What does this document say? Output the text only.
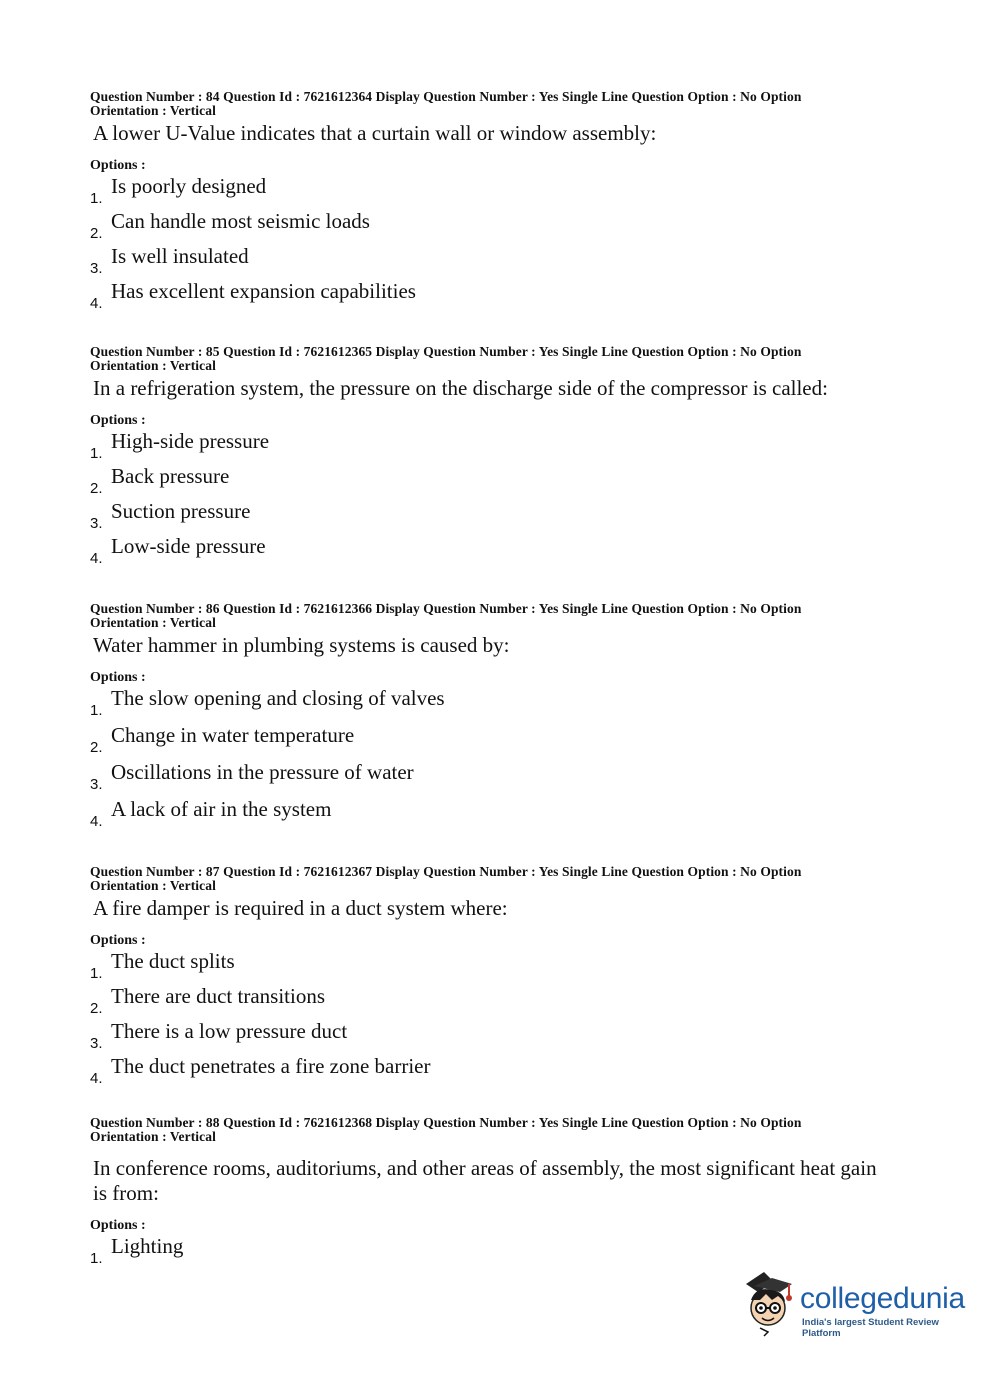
Question Number : 84 Question Id : 7621612364 Display Question Number : Yes Single Line Question Option : No Option
Orientation : Vertical
A lower U-Value indicates that a curtain wall or window assembly:
Options :
1.
Is poorly designed
2.
Can handle most seismic loads
3.
Is well insulated
4.
Has excellent expansion capabilities
Question Number : 85 Question Id : 7621612365 Display Question Number : Yes Single Line Question Option : No Option
Orientation : Vertical
In a refrigeration system, the pressure on the discharge side of the compressor is called:
Options :
1.
High-side pressure
2.
Back pressure
3.
Suction pressure
4.
Low-side pressure
Question Number : 86 Question Id : 7621612366 Display Question Number : Yes Single Line Question Option : No Option
Orientation : Vertical
Water hammer in plumbing systems is caused by:
Options :
1.
The slow opening and closing of valves
2.
Change in water temperature
3.
Oscillations in the pressure of water
4.
A lack of air in the system
Question Number : 87 Question Id : 7621612367 Display Question Number : Yes Single Line Question Option : No Option
Orientation : Vertical
A fire damper is required in a duct system where:
Options :
1.
The duct splits
2.
There are duct transitions
3.
There is a low pressure duct
4.
The duct penetrates a fire zone barrier
Question Number : 88 Question Id : 7621612368 Display Question Number : Yes Single Line Question Option : No Option
Orientation : Vertical
In conference rooms, auditoriums, and other areas of assembly, the most significant heat gain is from:
Options :
1.
Lighting
collegedunia
India's largest Student Review Platform
